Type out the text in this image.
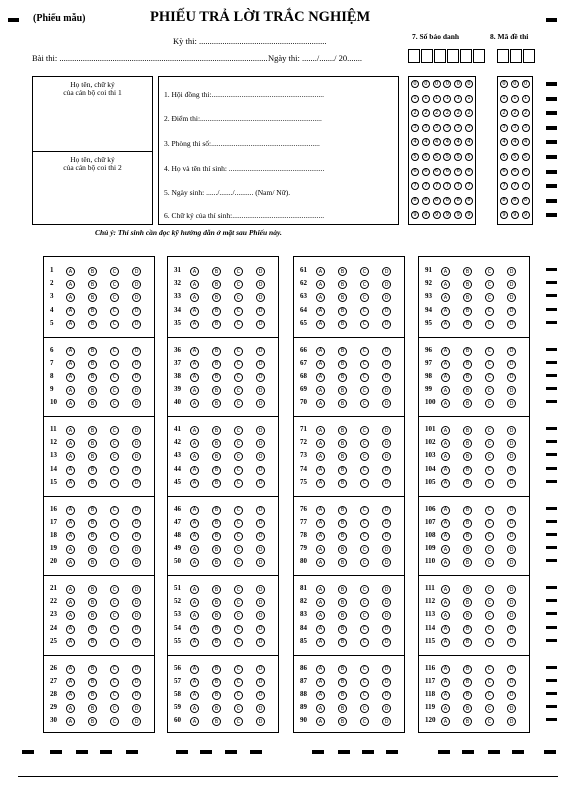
(Phiếu mẫu)	PHIẾU TRẢ LỜI TRẮC NGHIỆM
Kỳ thi: ............................................................
Bài thi: .................................................................................................. Ngày thi: ......./......./ 20.......
7. Số báo danh	8. Mã đề thi
Họ tên, chữ ký
của cán bộ coi thi 1
Họ tên, chữ ký
của cán bộ coi thi 2
1. Hội đồng thi:............................................................
2. Điểm thi:.................................................................
3. Phòng thi số:..........................................................
4. Họ và tên thí sinh: ...................................................
5. Ngày sinh: ....../......./.......... (Nam/ Nữ).
6. Chữ ký của thí sinh:.................................................
0	0	0	0	0	0
1	1	1	1	1	1
2	2	2	2	2	2
3	3	3	3	3	3
4	4	4	4	4	4
5	5	5	5	5	5
6	6	6	6	6	6
7	7	7	7	7	7
8	8	8	8	8	8
9	9	9	9	9	9
0	0	0
1	1	1
2	2	2
3	3	3
4	4	4
5	5	5
6	6	6
7	7	7
8	8	8
9	9	9
Chú ý: Thí sinh cần đọc kỹ hướng dẫn ở mặt sau Phiếu này.
1	A	B	C	D
2	A	B	C	D
3	A	B	C	D
4	A	B	C	D
5	A	B	C	D
6	A	B	C	D
7	A	B	C	D
8	A	B	C	D
9	A	B	C	D
10	A	B	C	D
11	A	B	C	D
12	A	B	C	D
13	A	B	C	D
14	A	B	C	D
15	A	B	C	D
16	A	B	C	D
17	A	B	C	D
18	A	B	C	D
19	A	B	C	D
20	A	B	C	D
21	A	B	C	D
22	A	B	C	D
23	A	B	C	D
24	A	B	C	D
25	A	B	C	D
26	A	B	C	D
27	A	B	C	D
28	A	B	C	D
29	A	B	C	D
30	A	B	C	D
31	A	B	C	D
32	A	B	C	D
33	A	B	C	D
34	A	B	C	D
35	A	B	C	D
36	A	B	C	D
37	A	B	C	D
38	A	B	C	D
39	A	B	C	D
40	A	B	C	D
41	A	B	C	D
42	A	B	C	D
43	A	B	C	D
44	A	B	C	D
45	A	B	C	D
46	A	B	C	D
47	A	B	C	D
48	A	B	C	D
49	A	B	C	D
50	A	B	C	D
51	A	B	C	D
52	A	B	C	D
53	A	B	C	D
54	A	B	C	D
55	A	B	C	D
56	A	B	C	D
57	A	B	C	D
58	A	B	C	D
59	A	B	C	D
60	A	B	C	D
61	A	B	C	D
62	A	B	C	D
63	A	B	C	D
64	A	B	C	D
65	A	B	C	D
66	A	B	C	D
67	A	B	C	D
68	A	B	C	D
69	A	B	C	D
70	A	B	C	D
71	A	B	C	D
72	A	B	C	D
73	A	B	C	D
74	A	B	C	D
75	A	B	C	D
76	A	B	C	D
77	A	B	C	D
78	A	B	C	D
79	A	B	C	D
80	A	B	C	D
81	A	B	C	D
82	A	B	C	D
83	A	B	C	D
84	A	B	C	D
85	A	B	C	D
86	A	B	C	D
87	A	B	C	D
88	A	B	C	D
89	A	B	C	D
90	A	B	C	D
91	A	B	C	D
92	A	B	C	D
93	A	B	C	D
94	A	B	C	D
95	A	B	C	D
96	A	B	C	D
97	A	B	C	D
98	A	B	C	D
99	A	B	C	D
100	A	B	C	D
101	A	B	C	D
102	A	B	C	D
103	A	B	C	D
104	A	B	C	D
105	A	B	C	D
106	A	B	C	D
107	A	B	C	D
108	A	B	C	D
109	A	B	C	D
110	A	B	C	D
111	A	B	C	D
112	A	B	C	D
113	A	B	C	D
114	A	B	C	D
115	A	B	C	D
116	A	B	C	D
117	A	B	C	D
118	A	B	C	D
119	A	B	C	D
120	A	B	C	D
